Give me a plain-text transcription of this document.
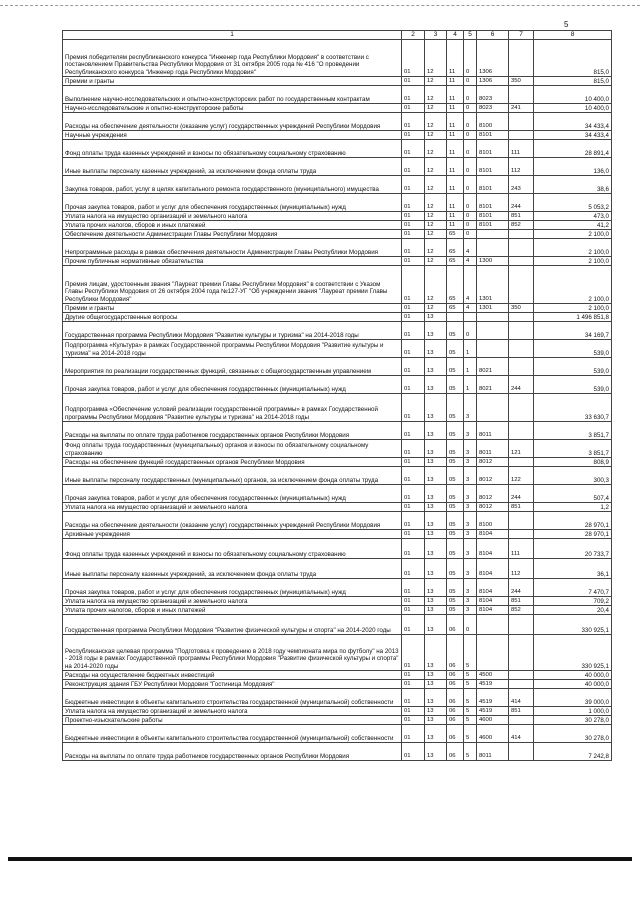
5
1	2	3	4	5	6	7	8
Премия победителям республиканского конкурса "Инженер года Республики Мордовия" в соответствии с постановлением Правительства Республики Мордовия от 31 октября 2005 года № 416 "О проведении Республиканского конкурса "Инженер года Республики Мордовия"	01	12	11	0	1306		815,0
Премии и гранты	01	12	11	0	1306	350	815,0
Выполнение научно-исследовательских и опытно-конструкторских работ по государственным контрактам	01	12	11	0	8023		10 400,0
Научно-исследовательские и опытно-конструкторские работы	01	12	11	0	8023	241	10 400,0
Расходы на обеспечение деятельности (оказание услуг) государственных учреждений Республики Мордовия	01	12	11	0	8100		34 433,4
Научные учреждения	01	12	11	0	8101		34 433,4
Фонд оплаты труда казенных учреждений и взносы по обязательному социальному страхованию	01	12	11	0	8101	111	28 891,4
Иные выплаты персоналу казенных учреждений, за исключением фонда оплаты труда	01	12	11	0	8101	112	136,0
Закупка товаров, работ, услуг в целях капитального ремонта государственного (муниципального) имущества	01	12	11	0	8101	243	38,6
Прочая закупка товаров, работ и услуг для обеспечения государственных (муниципальных) нужд	01	12	11	0	8101	244	5 053,2
Уплата налога на имущество организаций и земельного налога	01	12	11	0	8101	851	473,0
Уплата прочих налогов, сборов и иных платежей	01	12	11	0	8101	852	41,2
Обеспечение деятельности Администрации Главы Республики Мордовия	01	12	65	0			2 100,0
Непрограммные расходы в рамках обеспечения деятельности Администрации Главы Республики Мордовия	01	12	65	4			2 100,0
Прочие публичные нормативные обязательства	01	12	65	4	1300		2 100,0
Премия лицам, удостоенным звания "Лауреат премии Главы Республики Мордовия" в соответствии с Указом Главы Республики Мордовия от 26 октября 2004 года №127-УГ "Об учреждении звания "Лауреат премии Главы Республики Мордовия"	01	12	65	4	1301		2 100,0
Премии и гранты	01	12	65	4	1301	350	2 100,0
Другие общегосударственные вопросы	01	13					1 496 851,8
Государственная программа Республики Мордовия "Развитие культуры и туризма" на 2014-2018 годы	01	13	05	0			34 169,7
Подпрограмма «Культура» в рамках Государственной программы Республики Мордовия "Развитие культуры и туризма" на 2014-2018 годы	01	13	05	1			539,0
Мероприятия по реализации государственных функций, связанных с общегосударственным управлением	01	13	05	1	8021		539,0
Прочая закупка товаров, работ и услуг для обеспечения государственных (муниципальных) нужд	01	13	05	1	8021	244	539,0
Подпрограмма «Обеспечение условий реализации государственной программы» в рамках Государственной программы Республики Мордовия "Развитие культуры и туризма" на 2014-2018 годы	01	13	05	3			33 630,7
Расходы на выплаты по оплате труда работников государственных органов Республики Мордовия	01	13	05	3	8011		3 851,7
Фонд оплаты труда государственных (муниципальных) органов и взносы по обязательному социальному страхованию	01	13	05	3	8011	121	3 851,7
Расходы на обеспечение функций государственных органов Республики Мордовия	01	13	05	3	8012		808,9
Иные выплаты персоналу государственных (муниципальных) органов, за исключением фонда оплаты труда	01	13	05	3	8012	122	300,3
Прочая закупка товаров, работ и услуг для обеспечения государственных (муниципальных) нужд	01	13	05	3	8012	244	507,4
Уплата налога на имущество организаций и земельного налога	01	13	05	3	8012	851	1,2
Расходы на обеспечение деятельности (оказание услуг) государственных учреждений Республики Мордовия	01	13	05	3	8100		28 970,1
Архивные учреждения	01	13	05	3	8104		28 970,1
Фонд оплаты труда казенных учреждений и взносы по обязательному социальному страхованию	01	13	05	3	8104	111	20 733,7
Иные выплаты персоналу казенных учреждений, за исключением фонда оплаты труда	01	13	05	3	8104	112	36,1
Прочая закупка товаров, работ и услуг для обеспечения государственных (муниципальных) нужд	01	13	05	3	8104	244	7 470,7
Уплата налога на имущество организаций и земельного налога	01	13	05	3	8104	851	709,2
Уплата прочих налогов, сборов и иных платежей	01	13	05	3	8104	852	20,4
Государственная программа Республики Мордовия "Развитие физической культуры и спорта" на 2014-2020 годы	01	13	06	0			330 925,1
Республиканская целевая программа "Подготовка к проведению в 2018 году чемпионата мира по футболу" на 2013 - 2018 годы в рамках Государственной программы Республики Мордовия "Развитие физической культуры и спорта" на 2014-2020 годы	01	13	06	5			330 925,1
Расходы на осуществление бюджетных инвестиций	01	13	06	5	4500		40 000,0
Реконструкция здания ГБУ Республики Мордовия "Гостиница Мордовия"	01	13	06	5	4519		40 000,0
Бюджетные инвестиции в объекты капитального строительства государственной (муниципальной) собственности	01	13	06	5	4519	414	39 000,0
Уплата налога на имущество организаций и земельного налога	01	13	06	5	4519	851	1 000,0
Проектно-изыскательские работы	01	13	06	5	4600		30 278,0
Бюджетные инвестиции в объекты капитального строительства государственной (муниципальной) собственности	01	13	06	5	4600	414	30 278,0
Расходы на выплаты по оплате труда работников государственных органов Республики Мордовия	01	13	06	5	8011		7 242,8
